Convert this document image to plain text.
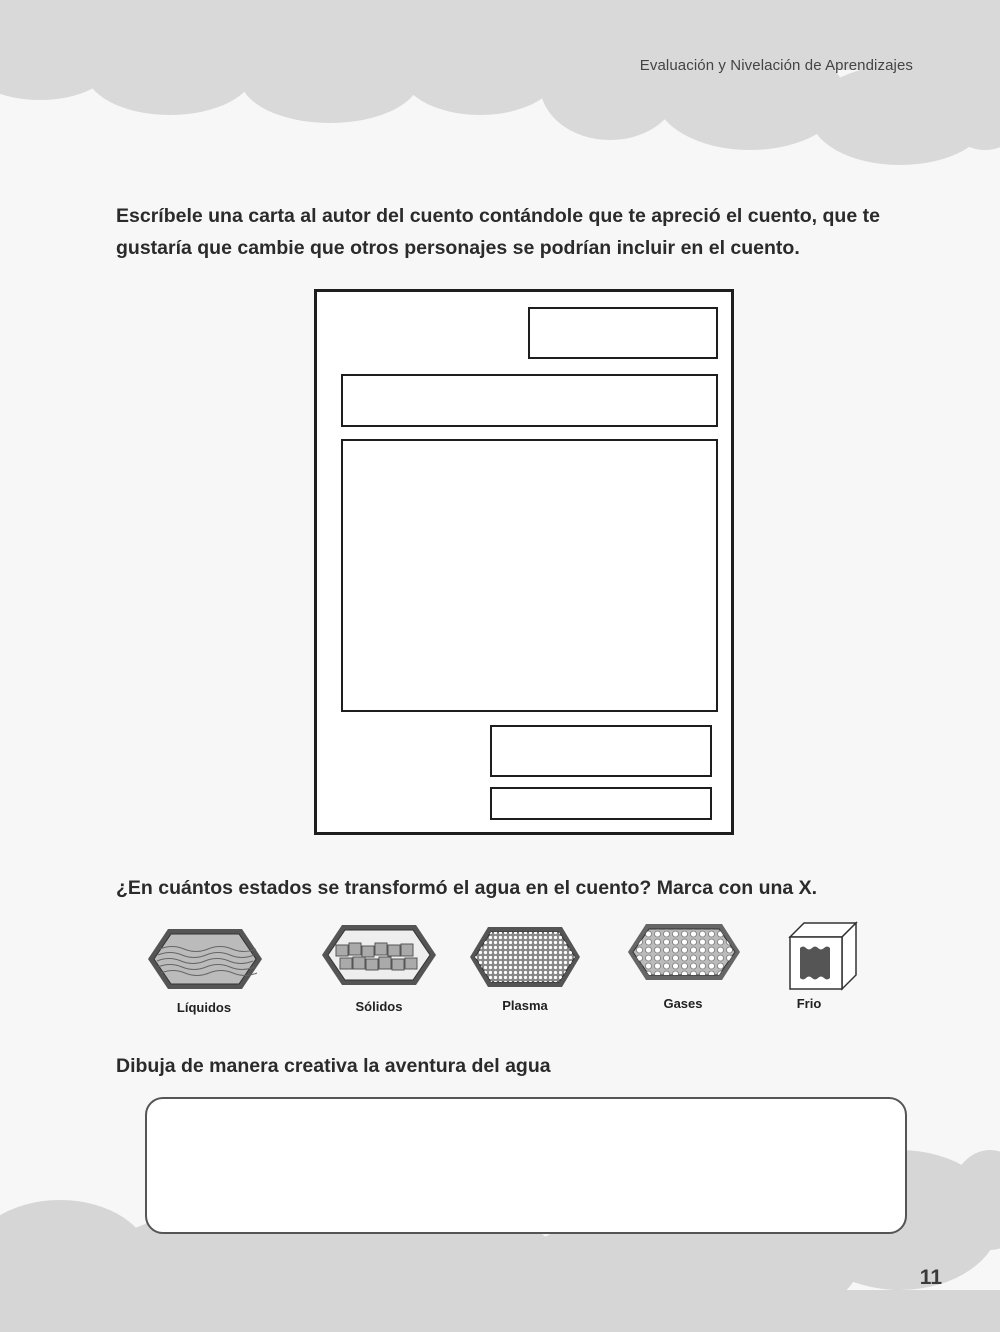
Evaluación y Nivelación de Aprendizajes
Escríbele una carta al autor del cuento contándole que te apreció el cuento, que te gustaría que cambie que otros personajes se podrían incluir en el cuento.
¿En cuántos estados se transformó el agua en el cuento? Marca con una X.
Líquidos	Sólidos	Plasma	Gases	Frio
Dibuja de manera creativa la aventura del agua
11
